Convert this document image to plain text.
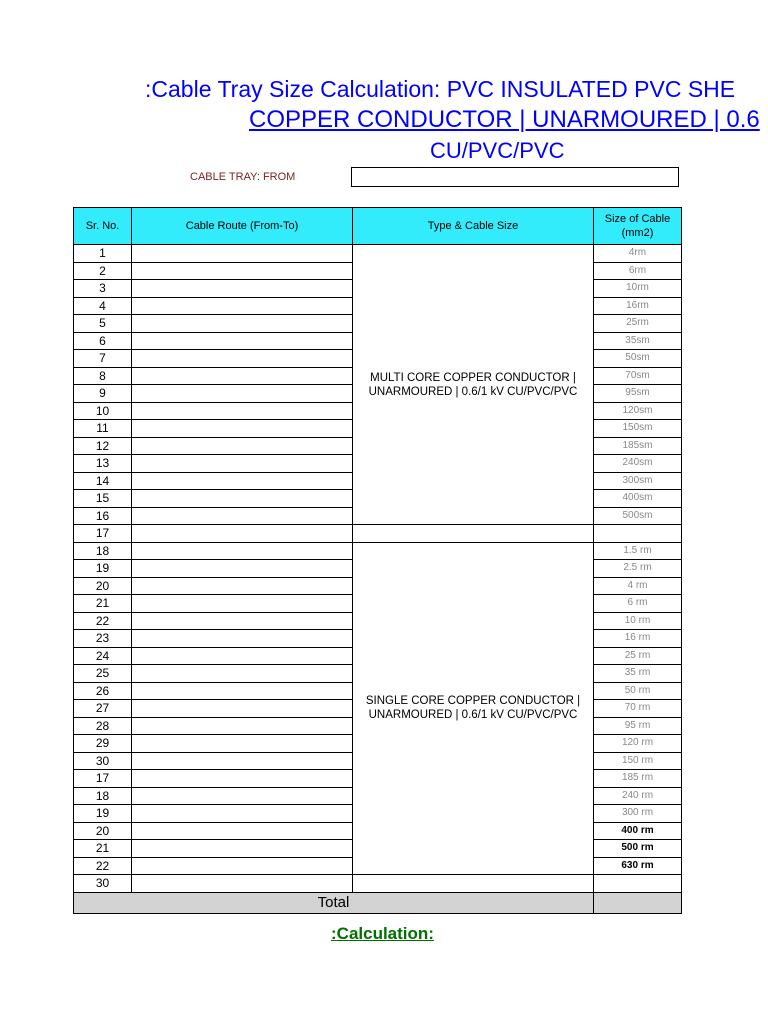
:Cable Tray Size Calculation: PVC INSULATED PVC SHE
COPPER CONDUCTOR | UNARMOURED | 0.6
CU/PVC/PVC
CABLE TRAY: FROM
Sr. No.	Cable Route (From-To)	Type & Cable Size	Size of Cable (mm2)
1		MULTI CORE COPPER CONDUCTOR | UNARMOURED | 0.6/1 kV CU/PVC/PVC	4rm
2			6rm
3			10rm
4			16rm
5			25rm
6			35sm
7			50sm
8			70sm
9			95sm
10			120sm
11			150sm
12			185sm
13			240sm
14			300sm
15			400sm
16			500sm
17			
18		SINGLE CORE COPPER CONDUCTOR | UNARMOURED | 0.6/1 kV CU/PVC/PVC	1.5 rm
19			2.5 rm
20			4 rm
21			6 rm
22			10 rm
23			16 rm
24			25 rm
25			35 rm
26			50 rm
27			70 rm
28			95 rm
29			120 rm
30			150 rm
17			185 rm
18			240 rm
19			300 rm
20			400 rm
21			500 rm
22			630 rm
30			
Total			
:Calculation:
